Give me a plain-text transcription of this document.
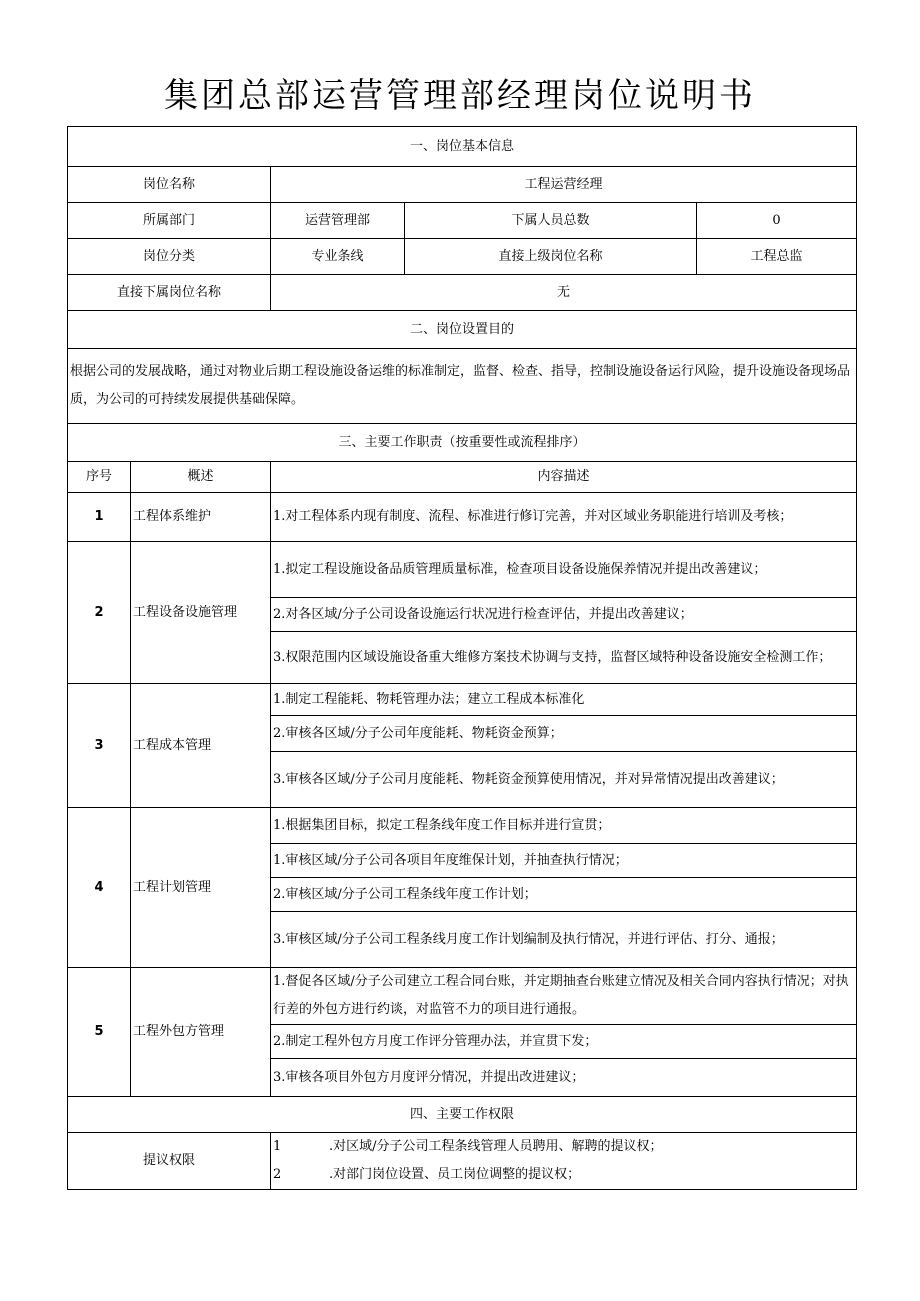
集团总部运营管理部经理岗位说明书
一、岗位基本信息				
岗位名称		工程运营经理		
所属部门		运营管理部	下属人员总数	0
岗位分类		专业条线	直接上级岗位名称	工程总监
直接下属岗位名称		无		
二、岗位设置目的				
根据公司的发展战略，通过对物业后期工程设施设备运维的标准制定，监督、检查、指导，控制设施设备运行风险，提升设施设备现场品质，为公司的可持续发展提供基础保障。				
三、主要工作职责（按重要性或流程排序）				
序号	概述	内容描述		
1	工程体系维护	1.对工程体系内现有制度、流程、标准进行修订完善，并对区域业务职能进行培训及考核；		
2	工程设备设施管理	1.拟定工程设施设备品质管理质量标准，检查项目设备设施保养情况并提出改善建议；		
		2.对各区域/分子公司设备设施运行状况进行检查评估，并提出改善建议；		
		3.权限范围内区域设施设备重大维修方案技术协调与支持，监督区域特种设备设施安全检测工作；		
3	工程成本管理	1.制定工程能耗、物耗管理办法；建立工程成本标准化		
		2.审核各区域/分子公司年度能耗、物耗资金预算；		
		3.审核各区域/分子公司月度能耗、物耗资金预算使用情况，并对异常情况提出改善建议；		
4	工程计划管理	1.根据集团目标，拟定工程条线年度工作目标并进行宣贯；		
		1.审核区域/分子公司各项目年度维保计划，并抽查执行情况；		
		2.审核区域/分子公司工程条线年度工作计划；		
		3.审核区域/分子公司工程条线月度工作计划编制及执行情况，并进行评估、打分、通报；		
5	工程外包方管理	1.督促各区域/分子公司建立工程合同台账，并定期抽查台账建立情况及相关合同内容执行情况；对执行差的外包方进行约谈，对监管不力的项目进行通报。		
		2.制定工程外包方月度工作评分管理办法，并宣贯下发；		
		3.审核各项目外包方月度评分情况，并提出改进建议；		
四、主要工作权限				
提议权限		1 .对区域/分子公司工程条线管理人员聘用、解聘的提议权；
2 .对部门岗位设置、员工岗位调整的提议权；		
